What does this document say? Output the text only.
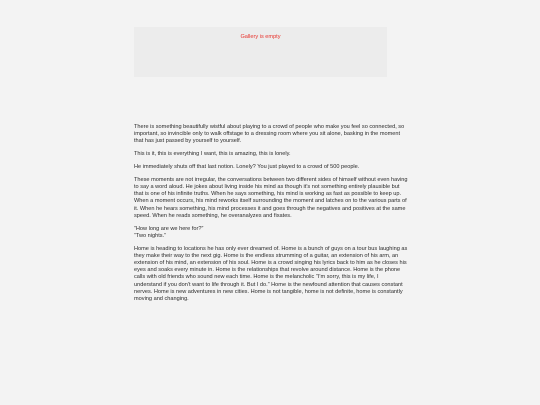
Gallery is empty

There is something beautifully wistful about playing to a crowd of people who make you feel so connected, so important, so invincible only to walk offstage to a dressing room where you sit alone, basking in the moment that has just passed by yourself to yourself.

This is it, this is everything I want, this is amazing, this is lonely.

He immediately shuts off that last notion. Lonely? You just played to a crowd of 500 people.

These moments are not irregular, the conversations between two different sides of himself without even having to say a word aloud. He jokes about living inside his mind as though it’s not something entirely plausible but that is one of his infinite truths. When he says something, his mind is working as fast as possible to keep up. When a moment occurs, his mind reworks itself surrounding the moment and latches on to the various parts of it. When he hears something, his mind processes it and goes through the negatives and positives at the same speed. When he reads something, he overanalyzes and fixates.

“How long are we here for?”
“Two nights.”

Home is heading to locations he has only ever dreamed of. Home is a bunch of guys on a tour bus laughing as they make their way to the next gig. Home is the endless strumming of a guitar, an extension of his arm, an extension of his mind, an extension of his soul. Home is a crowd singing his lyrics back to him as he closes his eyes and soaks every minute in. Home is the relationships that revolve around distance. Home is the phone calls with old friends who sound new each time. Home is the melancholic “I’m sorry, this is my life, I understand if you don’t want to life through it. But I do.” Home is the newfound attention that causes constant nerves. Home is new adventures in new cities. Home is not tangible, home is not definite, home is constantly moving and changing.
